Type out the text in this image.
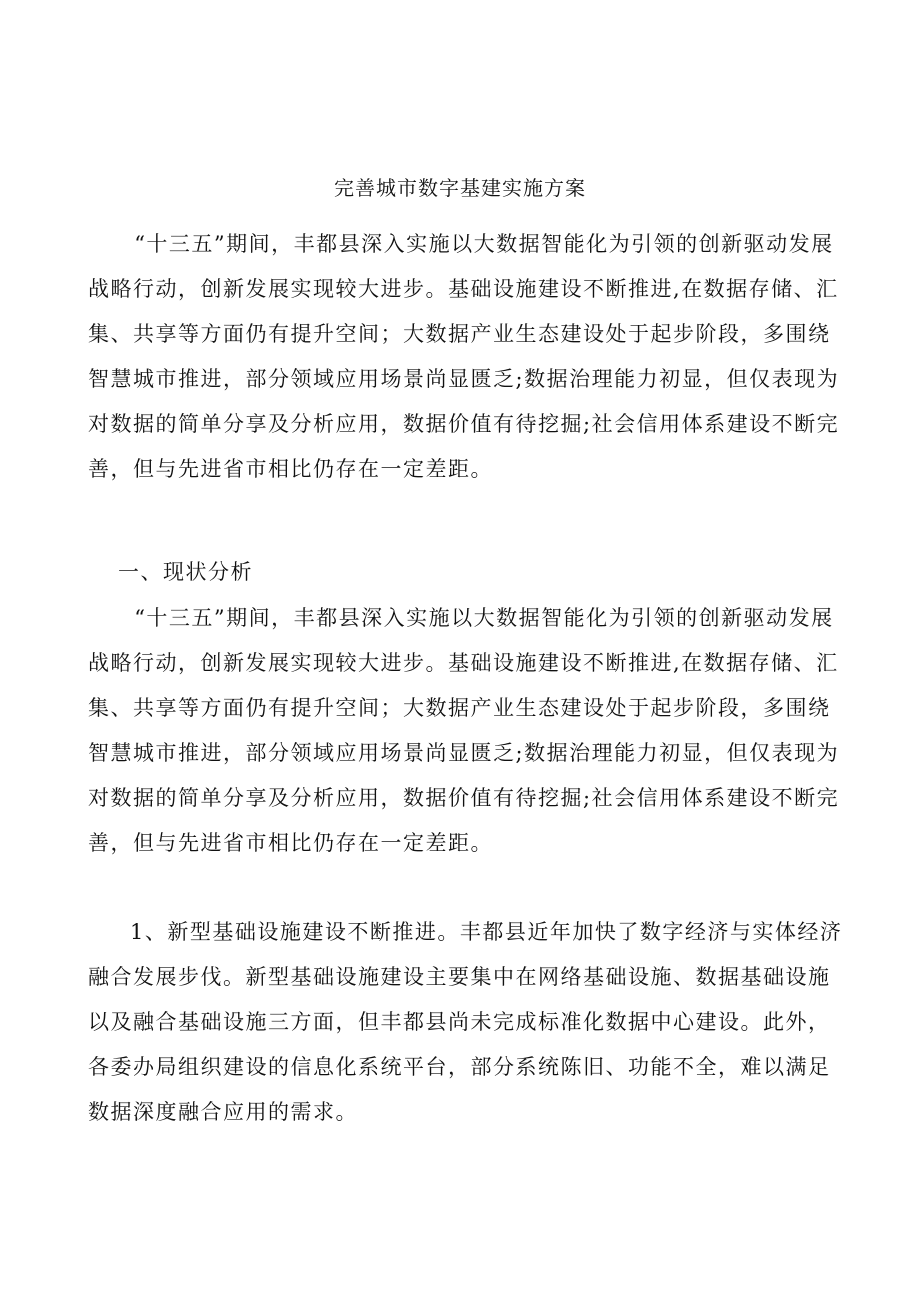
完善城市数字基建实施方案

“十三五”期间，丰都县深入实施以大数据智能化为引领的创新驱动发展战略行动，创新发展实现较大进步。基础设施建设不断推进,在数据存储、汇集、共享等方面仍有提升空间；大数据产业生态建设处于起步阶段，多围绕智慧城市推进，部分领域应用场景尚显匮乏;数据治理能力初显，但仅表现为对数据的简单分享及分析应用，数据价值有待挖掘;社会信用体系建设不断完善，但与先进省市相比仍存在一定差距。

一、现状分析

“十三五”期间，丰都县深入实施以大数据智能化为引领的创新驱动发展战略行动，创新发展实现较大进步。基础设施建设不断推进,在数据存储、汇集、共享等方面仍有提升空间；大数据产业生态建设处于起步阶段，多围绕智慧城市推进，部分领域应用场景尚显匮乏;数据治理能力初显，但仅表现为对数据的简单分享及分析应用，数据价值有待挖掘;社会信用体系建设不断完善，但与先进省市相比仍存在一定差距。

1、新型基础设施建设不断推进。丰都县近年加快了数字经济与实体经济融合发展步伐。新型基础设施建设主要集中在网络基础设施、数据基础设施以及融合基础设施三方面，但丰都县尚未完成标准化数据中心建设。此外，各委办局组织建设的信息化系统平台，部分系统陈旧、功能不全，难以满足数据深度融合应用的需求。
